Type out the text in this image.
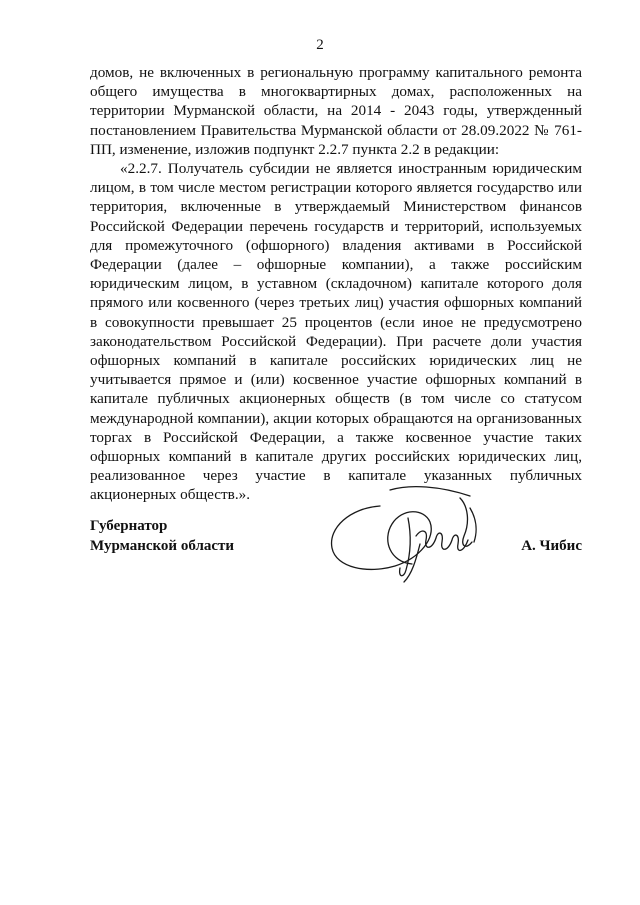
2

домов, не включенных в региональную программу капитального ремонта общего имущества в многоквартирных домах, расположенных на территории Мурманской области, на 2014 - 2043 годы, утвержденный постановлением Правительства Мурманской области от 28.09.2022 № 761-ПП, изменение, изложив подпункт 2.2.7 пункта 2.2 в редакции:

«2.2.7. Получатель субсидии не является иностранным юридическим лицом, в том числе местом регистрации которого является государство или территория, включенные в утверждаемый Министерством финансов Российской Федерации перечень государств и территорий, используемых для промежуточного (офшорного) владения активами в Российской Федерации (далее – офшорные компании), а также российским юридическим лицом, в уставном (складочном) капитале которого доля прямого или косвенного (через третьих лиц) участия офшорных компаний в совокупности превышает 25 процентов (если иное не предусмотрено законодательством Российской Федерации). При расчете доли участия офшорных компаний в капитале российских юридических лиц не учитывается прямое и (или) косвенное участие офшорных компаний в капитале публичных акционерных обществ (в том числе со статусом международной компании), акции которых обращаются на организованных торгах в Российской Федерации, а также косвенное участие таких офшорных компаний в капитале других российских юридических лиц, реализованное через участие в капитале указанных публичных акционерных обществ.».

Губернатор
Мурманской области	А. Чибис
